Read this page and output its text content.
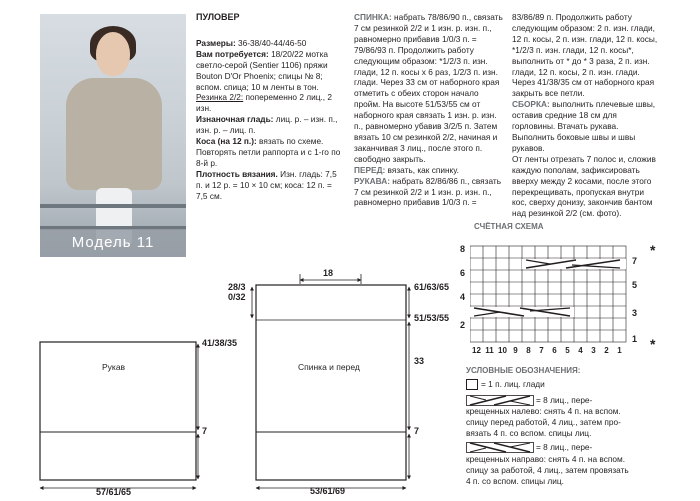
Модель 11
ПУЛОВЕР
Размеры: 36-38/40-44/46-50
Вам потребуется: 18/20/22 мотка светло-серой (Sentier 1106) пряжи Bouton D'Or Phoenix; спицы № 8; вспом. спица; 10 м ленты в тон.
Резинка 2/2: попеременно 2 лиц., 2 изн.
Изнаночная гладь: лиц. р. – изн. п., изн. р. – лиц. п.
Коса (на 12 п.): вязать по схеме. Повторять петли раппорта и с 1-го по 8-й р.
Плотность вязания. Изн. гладь: 7,5 п. и 12 р. = 10 × 10 см; коса: 12 п. = 7,5 см.
СПИНКА: набрать 78/86/90 п., связать 7 см резинкой 2/2 и 1 изн. р. изн. п., равномерно прибавив 1/0/3 п. = 79/86/93 п. Продолжить работу следующим образом: *1/2/3 п. изн. глади, 12 п. косы х 6 раз, 1/2/3 п. изн. глади. Через 33 см от наборного края отметить с обеих сторон начало пройм. На высоте 51/53/55 см от наборного края связать 1 изн. р. изн. п., равномерно убавив 3/2/5 п. Затем вязать 10 см резинкой 2/2, начиная и заканчивая 3 лиц., после этого п. свободно закрыть.
ПЕРЕД: вязать, как спинку.
РУКАВА: набрать 82/86/86 п., связать 7 см резинкой 2/2 и 1 изн. р. изн. п., равномерно прибавив 1/0/3 п. =
83/86/89 п. Продолжить работу следующим образом: 2 п. изн. глади, 12 п. косы, 2 п. изн. глади, 12 п. косы, *1/2/3 п. изн. глади, 12 п. косы*, выполнить от * до * 3 раза, 2 п. изн. глади, 12 п. косы, 2 п. изн. глади. Через 41/38/35 см от наборного края закрыть все петли.
СБОРКА: выполнить плечевые швы, оставив средние 18 см для горловины. Втачать рукава. Выполнить боковые швы и швы рукавов.
От ленты отрезать 7 полос и, сложив каждую пополам, зафиксировать вверху между 2 косами, после этого перекрещивать, пропуская внутри кос, сверху донизу, закончив бантом над резинкой 2/2 (см. фото).
Рукав
41/38/35
7
57/61/65
Спинка и перед
18
28/30/32
61/63/65
51/53/55
33
7
53/61/69
СЧЁТНАЯ СХЕМА
8
6
4
2
7
5
3
1
*
*
12 11 10 9	8	7	6	5	4	3	2	1
УСЛОВНЫЕ ОБОЗНАЧЕНИЯ:
= 1 п. лиц. глади
= 8 лиц., пере-
крещенных налево: снять 4 п. на вспом.
спицу перед работой, 4 лиц., затем про-
вязать 4 п. со вспом. спицы лиц.
= 8 лиц., пере-
крещенных направо: снять 4 п. на вспом.
спицу за работой, 4 лиц., затем провязать
4 п. со вспом. спицы лиц.
